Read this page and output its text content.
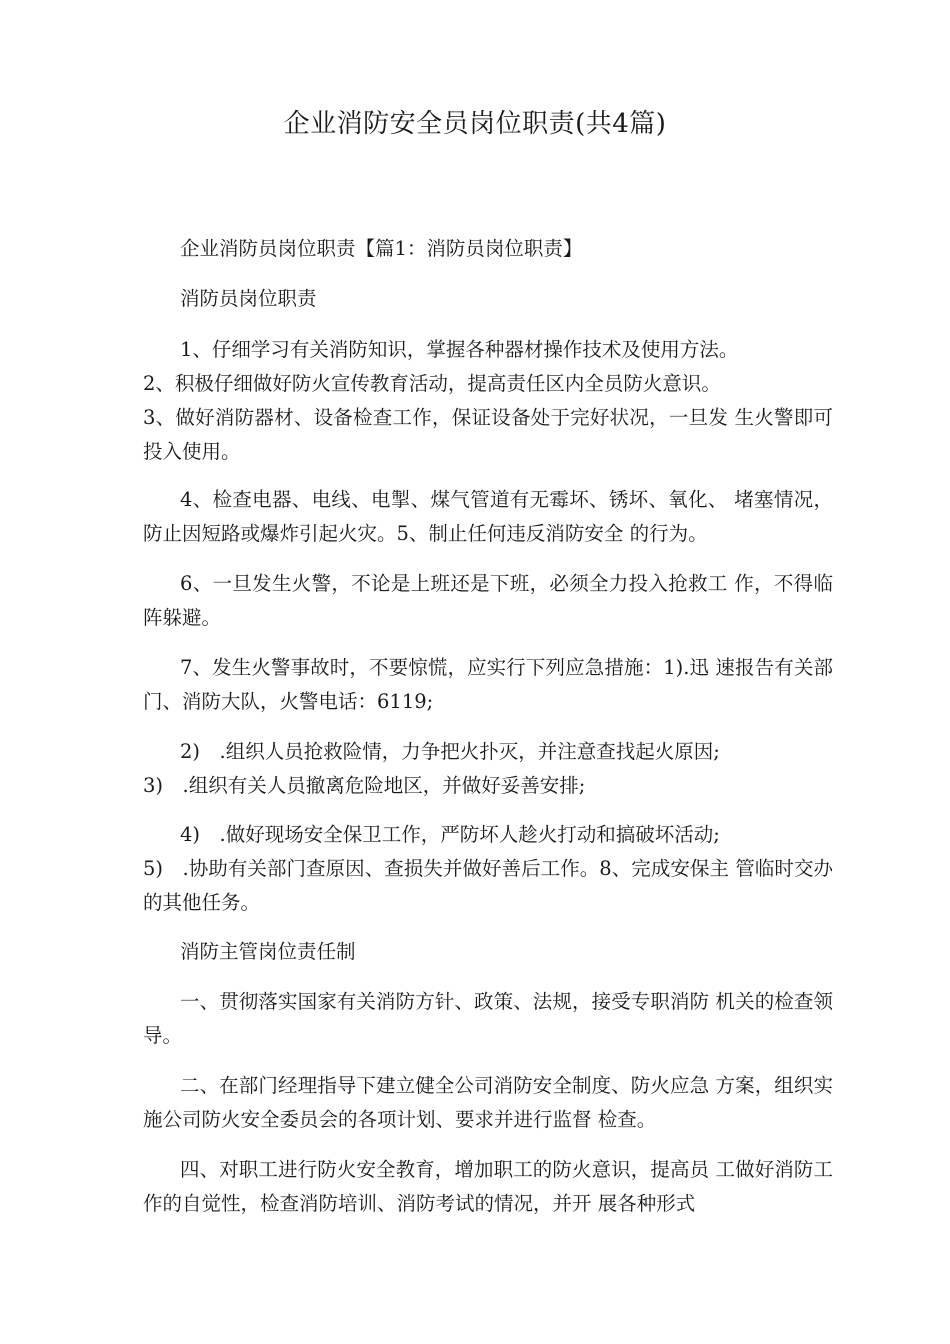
企业消防安全员岗位职责(共4篇)
企业消防员岗位职责【篇1：消防员岗位职责】
消防员岗位职责
1、仔细学习有关消防知识，掌握各种器材操作技术及使用方法。
2、积极仔细做好防火宣传教育活动，提高责任区内全员防火意识。
3、做好消防器材、设备检查工作，保证设备处于完好状况，一旦发 生火警即可投入使用。
4、检查电器、电线、电掣、煤气管道有无霉坏、锈坏、氧化、 堵塞情况，防止因短路或爆炸引起火灾。5、制止任何违反消防安全 的行为。
6、一旦发生火警，不论是上班还是下班，必须全力投入抢救工 作，不得临阵躲避。
7、发生火警事故时，不要惊慌，应实行下列应急措施：1).迅 速报告有关部门、消防大队，火警电话：6119;
2) .组织人员抢救险情，力争把火扑灭，并注意查找起火原因;
3) .组织有关人员撤离危险地区，并做好妥善安排;
4) .做好现场安全保卫工作，严防坏人趁火打动和搞破坏活动;
5) .协助有关部门查原因、查损失并做好善后工作。8、完成安保主 管临时交办的其他任务。
消防主管岗位责任制
一、贯彻落实国家有关消防方针、政策、法规，接受专职消防 机关的检查领导。
二、在部门经理指导下建立健全公司消防安全制度、防火应急 方案，组织实施公司防火安全委员会的各项计划、要求并进行监督 检查。
四、对职工进行防火安全教育，增加职工的防火意识，提高员 工做好消防工作的自觉性，检查消防培训、消防考试的情况，并开 展各种形式
